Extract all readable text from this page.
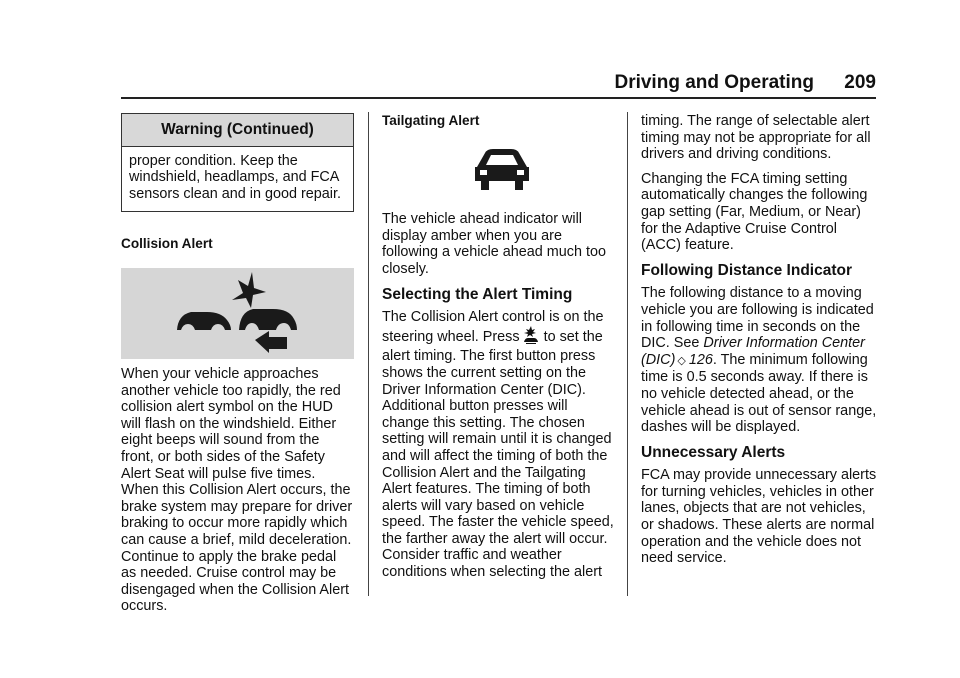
Driving and Operating 209
Warning (Continued)
proper condition. Keep the windshield, headlamps, and FCA sensors clean and in good repair.
Collision Alert

When your vehicle approaches another vehicle too rapidly, the red collision alert symbol on the HUD will flash on the windshield. Either eight beeps will sound from the front, or both sides of the Safety Alert Seat will pulse five times. When this Collision Alert occurs, the brake system may prepare for driver braking to occur more rapidly which can cause a brief, mild deceleration. Continue to apply the brake pedal as needed. Cruise control may be disengaged when the Collision Alert occurs.

Tailgating Alert

The vehicle ahead indicator will display amber when you are following a vehicle ahead much too closely.

Selecting the Alert Timing

The Collision Alert control is on the steering wheel. Press to set the alert timing. The first button press shows the current setting on the Driver Information Center (DIC). Additional button presses will change this setting. The chosen setting will remain until it is changed and will affect the timing of both the Collision Alert and the Tailgating Alert features. The timing of both alerts will vary based on vehicle speed. The faster the vehicle speed, the farther away the alert will occur. Consider traffic and weather conditions when selecting the alert

timing. The range of selectable alert timing may not be appropriate for all drivers and driving conditions.

Changing the FCA timing setting automatically changes the following gap setting (Far, Medium, or Near) for the Adaptive Cruise Control (ACC) feature.

Following Distance Indicator

The following distance to a moving vehicle you are following is indicated in following time in seconds on the DIC. See Driver Information Center (DIC) ◇ 126. The minimum following time is 0.5 seconds away. If there is no vehicle detected ahead, or the vehicle ahead is out of sensor range, dashes will be displayed.

Unnecessary Alerts

FCA may provide unnecessary alerts for turning vehicles, vehicles in other lanes, objects that are not vehicles, or shadows. These alerts are normal operation and the vehicle does not need service.
